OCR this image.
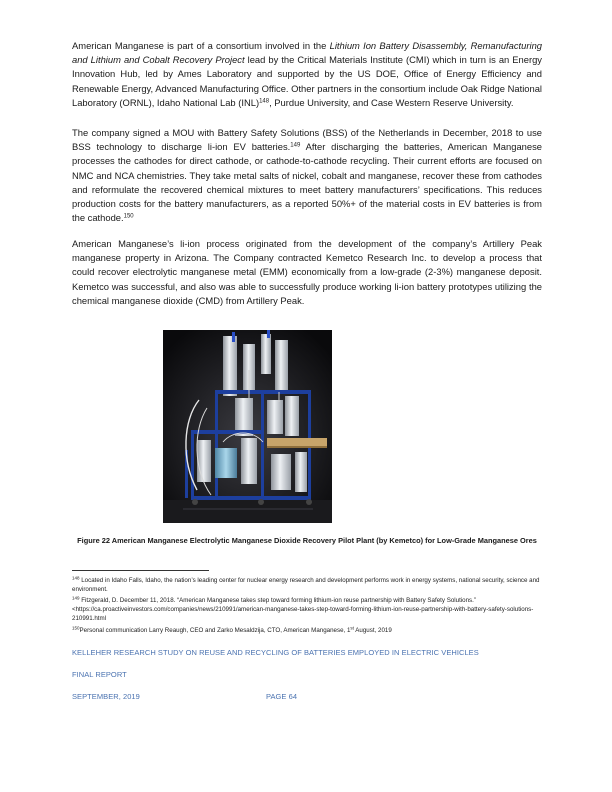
American Manganese is part of a consortium involved in the Lithium Ion Battery Disassembly, Remanufacturing and Lithium and Cobalt Recovery Project lead by the Critical Materials Institute (CMI) which in turn is an Energy Innovation Hub, led by Ames Laboratory and supported by the US DOE, Office of Energy Efficiency and Renewable Energy, Advanced Manufacturing Office. Other partners in the consortium include Oak Ridge National Laboratory (ORNL), Idaho National Lab (INL)$^{148}$, Purdue University, and Case Western Reserve University.

The company signed a MOU with Battery Safety Solutions (BSS) of the Netherlands in December, 2018 to use BSS technology to discharge li-ion EV batteries.$^{149}$ After discharging the batteries, American Manganese processes the cathodes for direct cathode, or cathode-to-cathode recycling. Their current efforts are focused on NMC and NCA chemistries. They take metal salts of nickel, cobalt and manganese, recover these from cathodes and reformulate the recovered chemical mixtures to meet battery manufacturers’ specifications. This reduces production costs for the battery manufacturers, as a reported 50%+ of the material costs in EV batteries is from the cathode.$^{150}$

American Manganese’s li-ion process originated from the development of the company’s Artillery Peak manganese property in Arizona. The Company contracted Kemetco Research Inc. to develop a process that could recover electrolytic manganese metal (EMM) economically from a low-grade (2-3%) manganese deposit. Kemetco was successful, and also was able to successfully produce working li-ion battery prototypes utilizing the chemical manganese dioxide (CMD) from Artillery Peak.

Figure 22 American Manganese Electrolytic Manganese Dioxide Recovery Pilot Plant (by Kemetco) for Low-Grade Manganese Ores

$^{148}$ Located in Idaho Falls, Idaho, the nation’s leading center for nuclear energy research and development performs work in energy systems, national security, science and environment.

$^{149}$ Fitzgerald, D. December 11, 2018. “American Manganese takes step toward forming lithium-ion reuse partnership with Battery Safety Solutions.” <https://ca.proactiveinvestors.com/companies/news/210991/american-manganese-takes-step-toward-forming-lithium-ion-reuse-partnership-with-battery-safety-solutions-210991.html

$^{150}$Personal communication Larry Reaugh, CEO and Zarko Mesaldzija, CTO, American Manganese, 1st August, 2019

KELLEHER RESEARCH STUDY ON REUSE AND RECYCLING OF BATTERIES EMPLOYED IN ELECTRIC VEHICLES
FINAL REPORT
SEPTEMBER, 2019	PAGE 64
